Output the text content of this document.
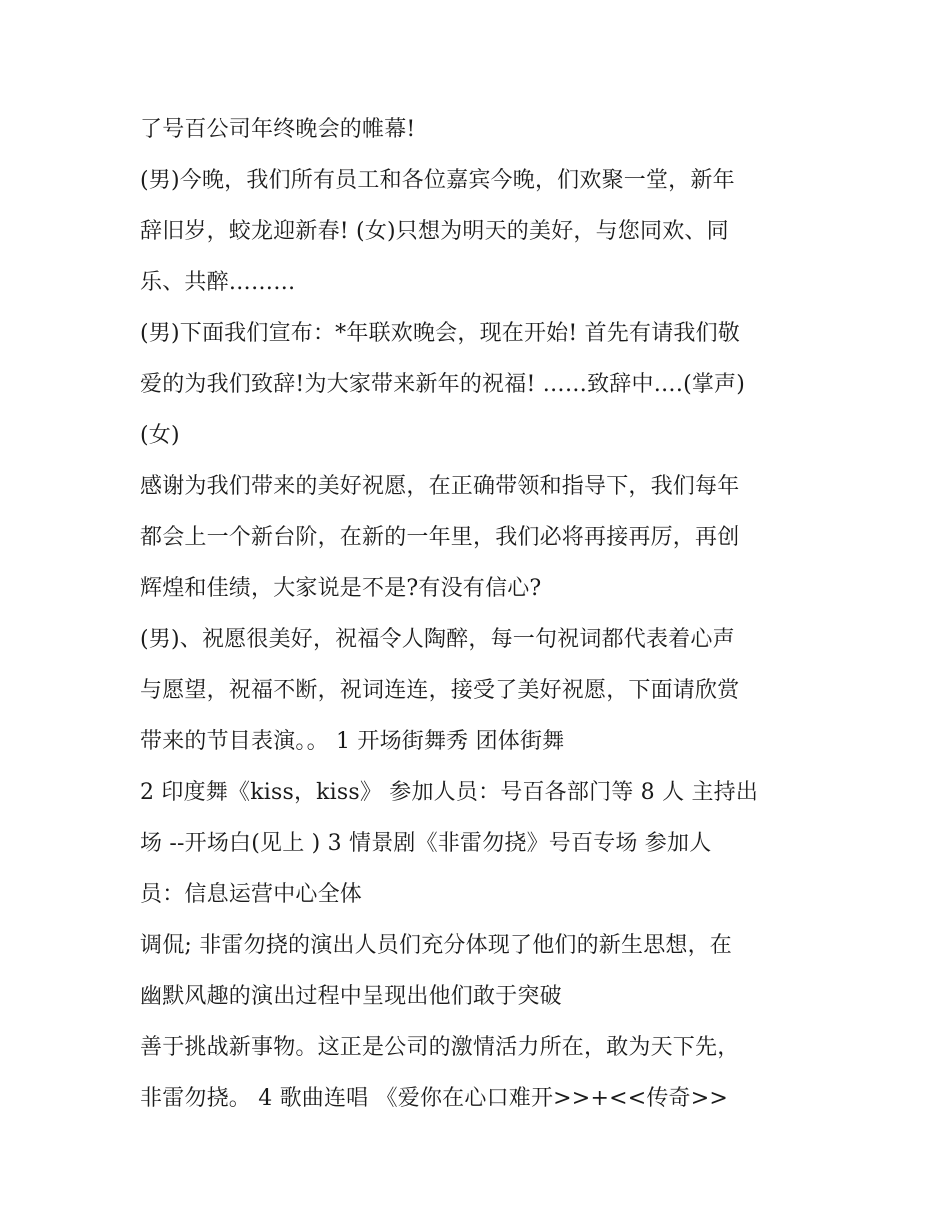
了号百公司年终晚会的帷幕!
(男)今晚，我们所有员工和各位嘉宾今晚，们欢聚一堂，新年
辞旧岁，蛟龙迎新春! (女)只想为明天的美好，与您同欢、同
乐、共醉………
(男)下面我们宣布：*年联欢晚会，现在开始! 首先有请我们敬
爱的为我们致辞!为大家带来新年的祝福! ……致辞中….(掌声)
(女)
感谢为我们带来的美好祝愿，在正确带领和指导下，我们每年
都会上一个新台阶，在新的一年里，我们必将再接再厉，再创
辉煌和佳绩，大家说是不是?有没有信心?
(男)、祝愿很美好，祝福令人陶醉，每一句祝词都代表着心声
与愿望，祝福不断，祝词连连，接受了美好祝愿，下面请欣赏
带来的节目表演。。 1 开场街舞秀 团体街舞
2 印度舞《kiss，kiss》 参加人员：号百各部门等 8 人 主持出
场 --开场白(见上 ) 3 情景剧《非雷勿挠》号百专场 参加人
员：信息运营中心全体
调侃; 非雷勿挠的演出人员们充分体现了他们的新生思想，在
幽默风趣的演出过程中呈现出他们敢于突破
善于挑战新事物。这正是公司的激情活力所在，敢为天下先，
非雷勿挠。 4 歌曲连唱 《爱你在心口难开>>+<<传奇>>
